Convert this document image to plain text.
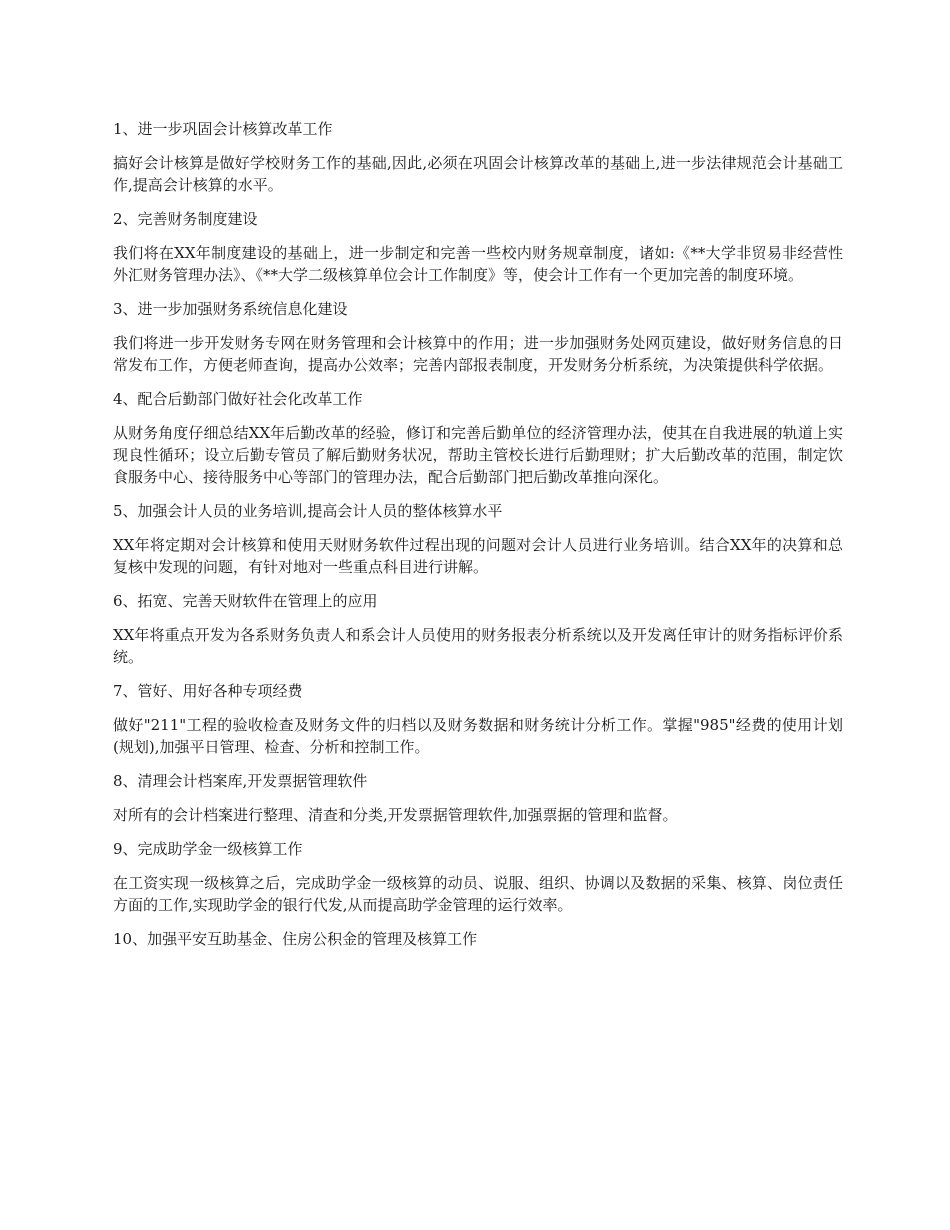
1、进一步巩固会计核算改革工作
搞好会计核算是做好学校财务工作的基础,因此,必须在巩固会计核算改革的基础上,进一步法律规范会计基础工作,提高会计核算的水平。
2、完善财务制度建设
我们将在XX年制度建设的基础上，进一步制定和完善一些校内财务规章制度，诸如:《**大学非贸易非经营性外汇财务管理办法》、《**大学二级核算单位会计工作制度》等，使会计工作有一个更加完善的制度环境。
3、进一步加强财务系统信息化建设
我们将进一步开发财务专网在财务管理和会计核算中的作用；进一步加强财务处网页建设，做好财务信息的日常发布工作，方便老师查询，提高办公效率；完善内部报表制度，开发财务分析系统，为决策提供科学依据。
4、配合后勤部门做好社会化改革工作
从财务角度仔细总结XX年后勤改革的经验，修订和完善后勤单位的经济管理办法，使其在自我进展的轨道上实现良性循环；设立后勤专管员了解后勤财务状况，帮助主管校长进行后勤理财；扩大后勤改革的范围，制定饮食服务中心、接待服务中心等部门的管理办法，配合后勤部门把后勤改革推向深化。
5、加强会计人员的业务培训,提高会计人员的整体核算水平
XX年将定期对会计核算和使用天财财务软件过程出现的问题对会计人员进行业务培训。结合XX年的决算和总复核中发现的问题，有针对地对一些重点科目进行讲解。
6、拓宽、完善天财软件在管理上的应用
XX年将重点开发为各系财务负责人和系会计人员使用的财务报表分析系统以及开发离任审计的财务指标评价系统。
7、管好、用好各种专项经费
做好"211"工程的验收检查及财务文件的归档以及财务数据和财务统计分析工作。掌握"985"经费的使用计划(规划),加强平日管理、检查、分析和控制工作。
8、清理会计档案库,开发票据管理软件
对所有的会计档案进行整理、清查和分类,开发票据管理软件,加强票据的管理和监督。
9、完成助学金一级核算工作
在工资实现一级核算之后，完成助学金一级核算的动员、说服、组织、协调以及数据的采集、核算、岗位责任方面的工作,实现助学金的银行代发,从而提高助学金管理的运行效率。
10、加强平安互助基金、住房公积金的管理及核算工作
